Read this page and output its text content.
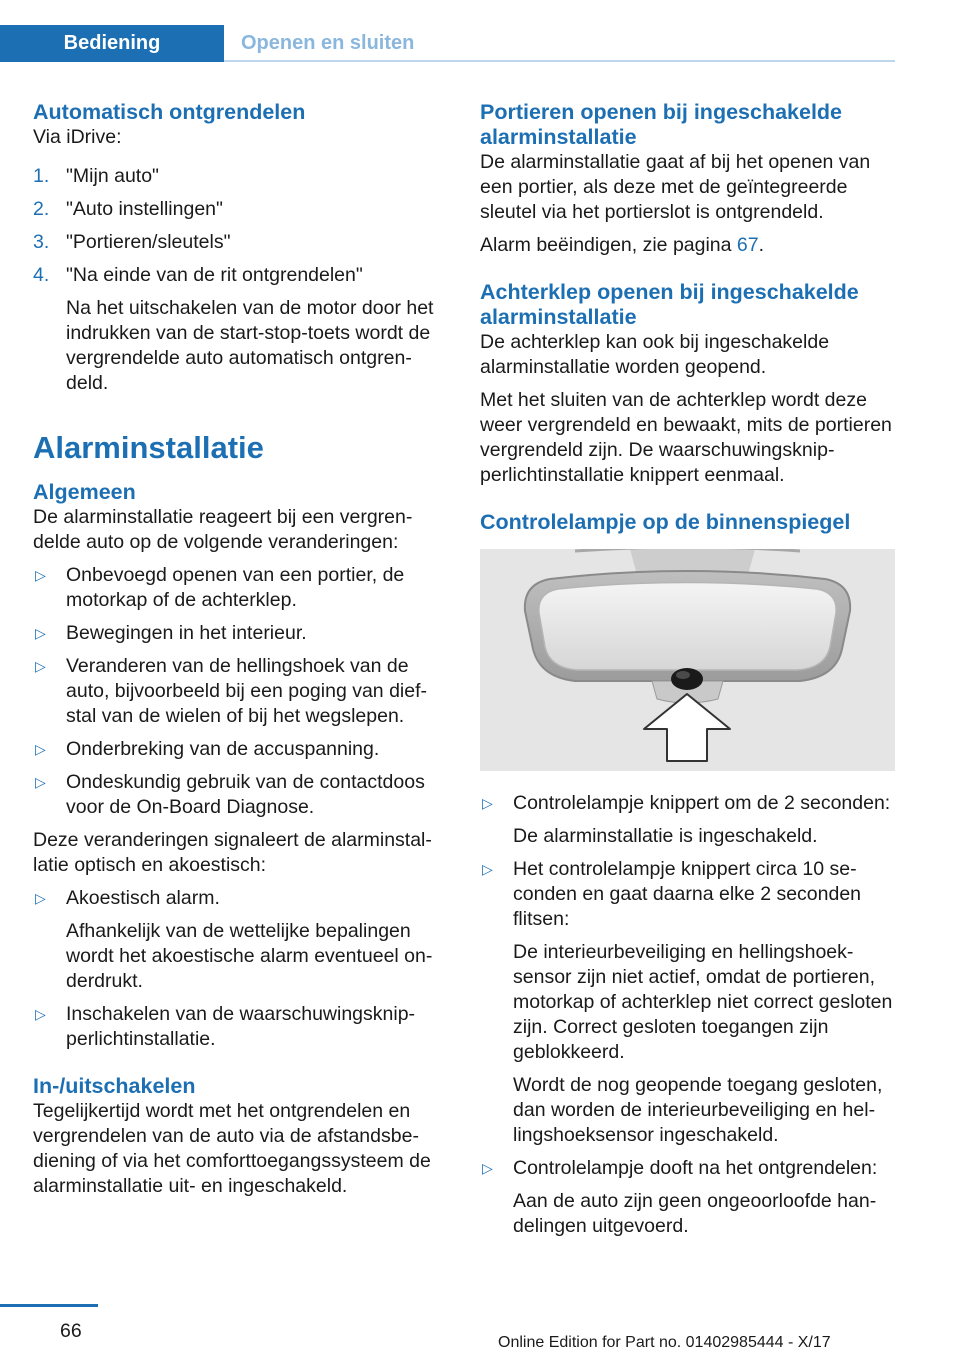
Bediening	Openen en sluiten
Automatisch ontgrendelen

Via iDrive:

1. "Mijn auto"
2. "Auto instellingen"
3. "Portieren/sleutels"
4. "Na einde van de rit ontgrendelen"
Na het uitschakelen van de motor door het indrukken van de start-stop-toets wordt de vergrendelde auto automatisch ontgrendeld.
Alarminstallatie
Algemeen

De alarminstallatie reageert bij een vergrendelde auto op de volgende veranderingen:

▷ Onbevoegd openen van een portier, de motorkap of de achterklep.
▷ Bewegingen in het interieur.
▷ Veranderen van de hellingshoek van de auto, bijvoorbeeld bij een poging van diefstal van de wielen of bij het wegslepen.
▷ Onderbreking van de accuspanning.
▷ Ondeskundig gebruik van de contactdoos voor de On-Board Diagnose.

Deze veranderingen signaleert de alarminstallatie optisch en akoestisch:

▷ Akoestisch alarm.
Afhankelijk van de wettelijke bepalingen wordt het akoestische alarm eventueel onderdrukt.
▷ Inschakelen van de waarschuwingsknipperlichtinstallatie.
In-/uitschakelen

Tegelijkertijd wordt met het ontgrendelen en vergrendelen van de auto via de afstandsbediening of via het comforttoegangssysteem de alarminstallatie uit- en ingeschakeld.

Portieren openen bij ingeschakelde alarminstallatie

De alarminstallatie gaat af bij het openen van een portier, als deze met de geïntegreerde sleutel via het portierslot is ontgrendeld.

Alarm beëindigen, zie pagina 67.

Achterklep openen bij ingeschakelde alarminstallatie

De achterklep kan ook bij ingeschakelde alarminstallatie worden geopend.

Met het sluiten van de achterklep wordt deze weer vergrendeld en bewaakt, mits de portieren vergrendeld zijn. De waarschuwingsknipperlichtinstallatie knippert eenmaal.

Controlelampje op de binnenspiegel
▷ Controlelampje knippert om de 2 seconden:
De alarminstallatie is ingeschakeld.
▷ Het controlelampje knippert circa 10 seconden en gaat daarna elke 2 seconden flitsen:
De interieurbeveiliging en hellingshoeksensor zijn niet actief, omdat de portieren, motorkap of achterklep niet correct gesloten zijn. Correct gesloten toegangen zijn geblokkeerd.
Wordt de nog geopende toegang gesloten, dan worden de interieurbeveiliging en hellingshoeksensor ingeschakeld.
▷ Controlelampje dooft na het ontgrendelen:
Aan de auto zijn geen ongeoorloofde handelingen uitgevoerd.
66
Online Edition for Part no. 01402985444 - X/17
